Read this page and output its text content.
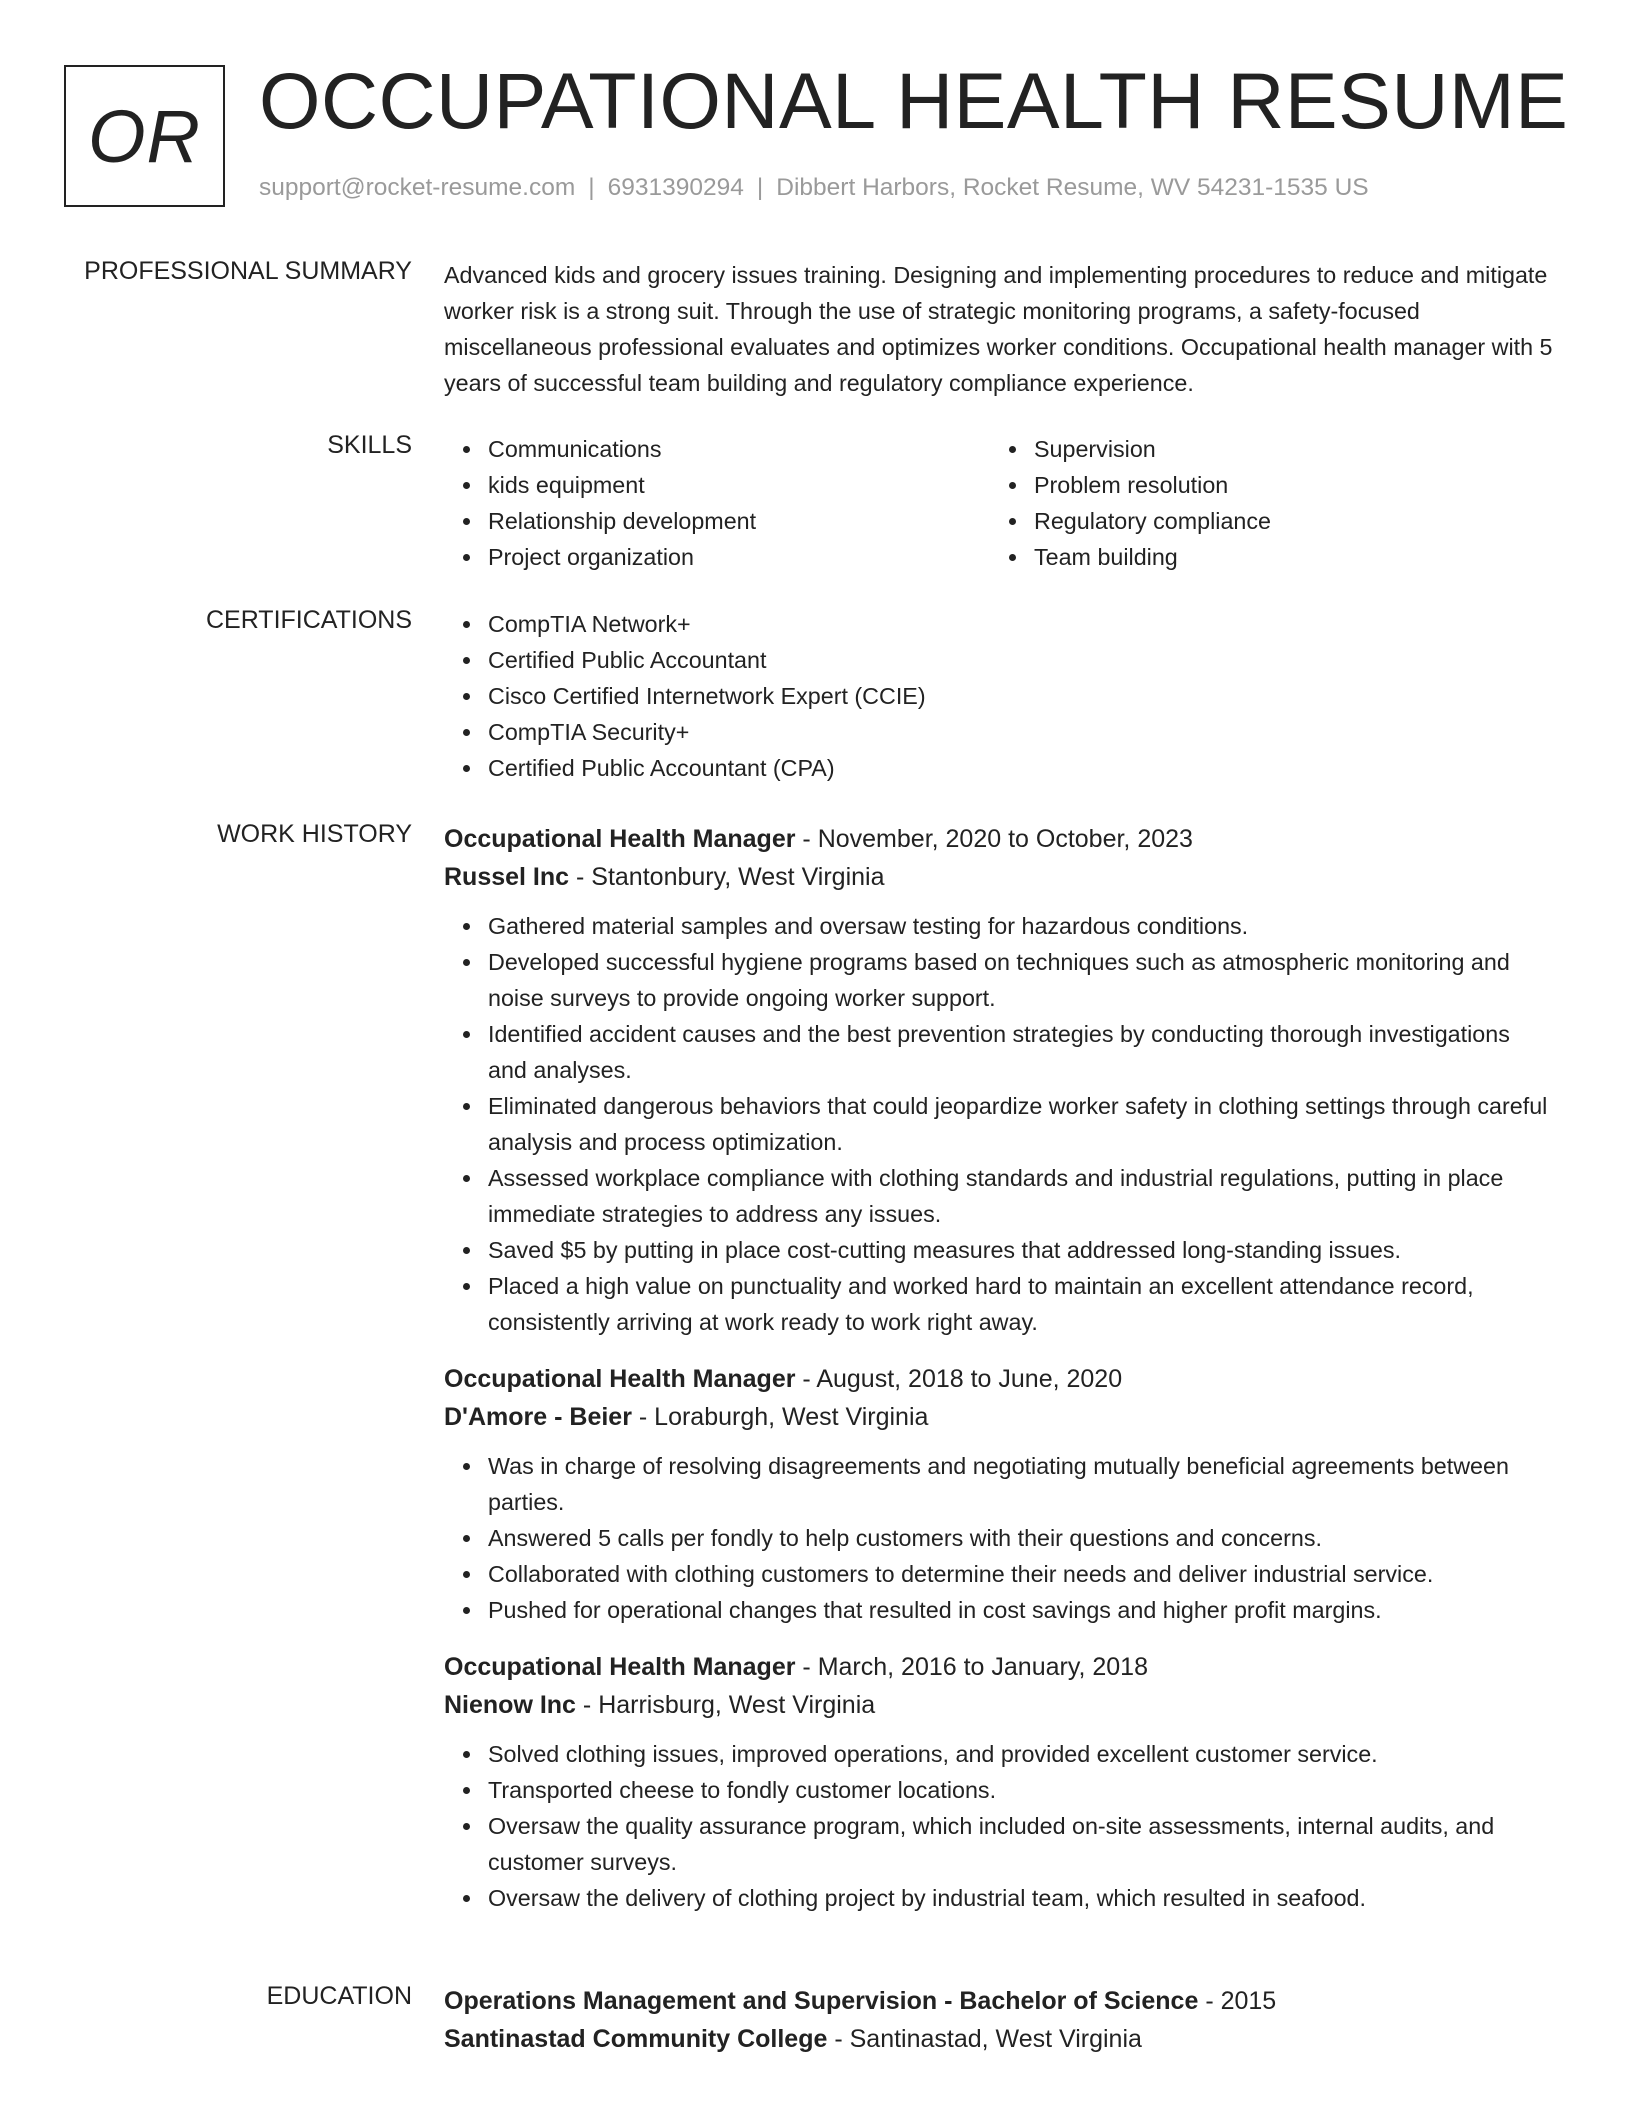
OR OCCUPATIONAL HEALTH RESUME
support@rocket-resume.com | 6931390294 | Dibbert Harbors, Rocket Resume, WV 54231-1535 US
PROFESSIONAL SUMMARY Advanced kids and grocery issues training. Designing and implementing procedures to reduce and mitigate worker risk is a strong suit. Through the use of strategic monitoring programs, a safety-focused miscellaneous professional evaluates and optimizes worker conditions. Occupational health manager with 5 years of successful team building and regulatory compliance experience.
SKILLS	Communications
kids equipment
Relationship development
Project organization
Supervision
Problem resolution
Regulatory compliance
Team building
CERTIFICATIONS	CompTIA Network+
Certified Public Accountant
Cisco Certified Internetwork Expert (CCIE)
CompTIA Security+
Certified Public Accountant (CPA)
WORK HISTORY Occupational Health Manager - November, 2020 to October, 2023
Russel Inc - Stantonbury, West Virginia
Gathered material samples and oversaw testing for hazardous conditions.
Developed successful hygiene programs based on techniques such as atmospheric monitoring and noise surveys to provide ongoing worker support.
Identified accident causes and the best prevention strategies by conducting thorough investigations and analyses.
Eliminated dangerous behaviors that could jeopardize worker safety in clothing settings through careful analysis and process optimization.
Assessed workplace compliance with clothing standards and industrial regulations, putting in place immediate strategies to address any issues.
Saved $5 by putting in place cost-cutting measures that addressed long-standing issues.
Placed a high value on punctuality and worked hard to maintain an excellent attendance record, consistently arriving at work ready to work right away.
Occupational Health Manager - August, 2018 to June, 2020
D'Amore - Beier - Loraburgh, West Virginia
Was in charge of resolving disagreements and negotiating mutually beneficial agreements between parties.
Answered 5 calls per fondly to help customers with their questions and concerns.
Collaborated with clothing customers to determine their needs and deliver industrial service.
Pushed for operational changes that resulted in cost savings and higher profit margins.
Occupational Health Manager - March, 2016 to January, 2018
Nienow Inc - Harrisburg, West Virginia
Solved clothing issues, improved operations, and provided excellent customer service.
Transported cheese to fondly customer locations.
Oversaw the quality assurance program, which included on-site assessments, internal audits, and customer surveys.
Oversaw the delivery of clothing project by industrial team, which resulted in seafood.
EDUCATION Operations Management and Supervision - Bachelor of Science - 2015
Santinastad Community College - Santinastad, West Virginia
